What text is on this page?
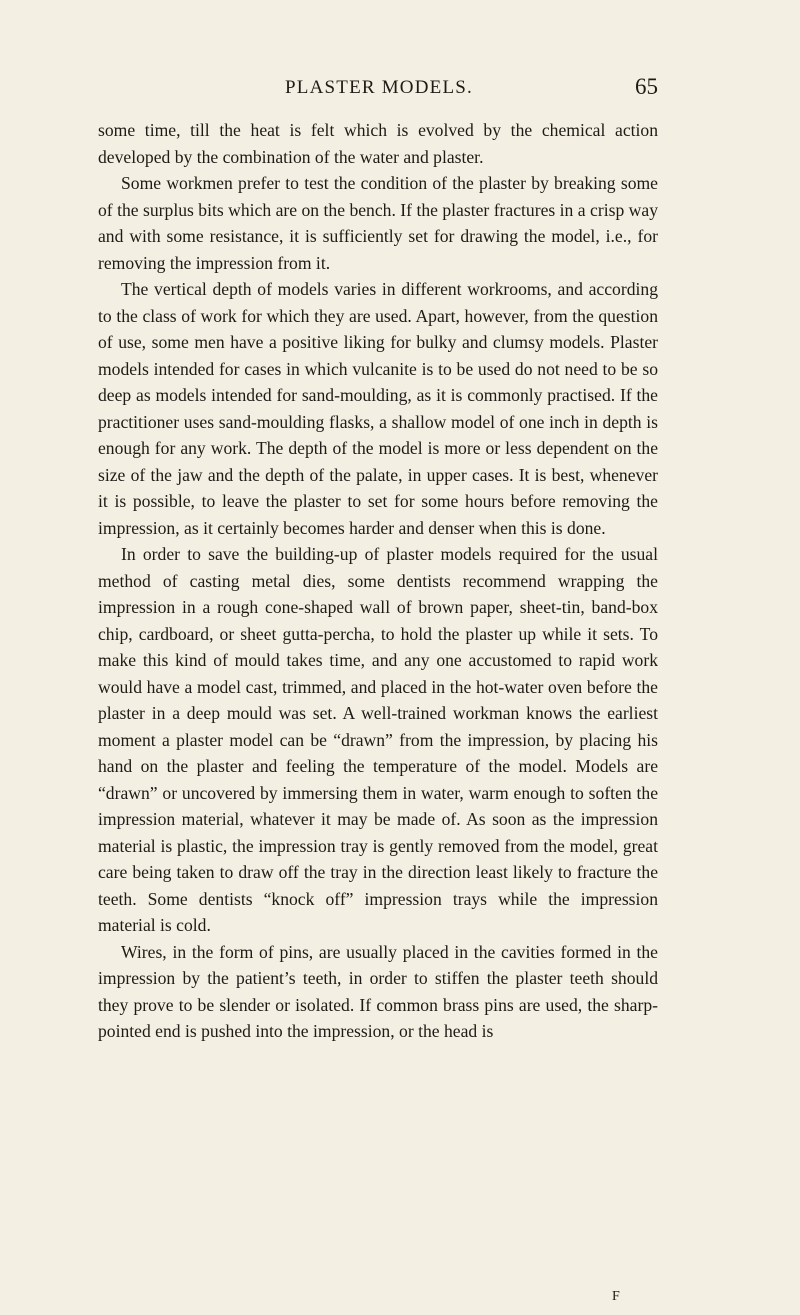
PLASTER MODELS.	65

some time, till the heat is felt which is evolved by the chemical action developed by the combination of the water and plaster.

Some workmen prefer to test the condition of the plaster by breaking some of the surplus bits which are on the bench. If the plaster fractures in a crisp way and with some resistance, it is sufficiently set for drawing the model, i.e., for removing the impression from it.

The vertical depth of models varies in different workrooms, and according to the class of work for which they are used. Apart, however, from the question of use, some men have a positive liking for bulky and clumsy models. Plaster models intended for cases in which vulcanite is to be used do not need to be so deep as models intended for sand-moulding, as it is commonly practised. If the practitioner uses sand-moulding flasks, a shallow model of one inch in depth is enough for any work. The depth of the model is more or less dependent on the size of the jaw and the depth of the palate, in upper cases. It is best, whenever it is possible, to leave the plaster to set for some hours before removing the impression, as it certainly becomes harder and denser when this is done.

In order to save the building-up of plaster models required for the usual method of casting metal dies, some dentists recommend wrapping the impression in a rough cone-shaped wall of brown paper, sheet-tin, band-box chip, cardboard, or sheet gutta-percha, to hold the plaster up while it sets. To make this kind of mould takes time, and any one accustomed to rapid work would have a model cast, trimmed, and placed in the hot-water oven before the plaster in a deep mould was set. A well-trained workman knows the earliest moment a plaster model can be “drawn” from the impression, by placing his hand on the plaster and feeling the temperature of the model. Models are “drawn” or uncovered by immersing them in water, warm enough to soften the impression material, whatever it may be made of. As soon as the impression material is plastic, the impression tray is gently removed from the model, great care being taken to draw off the tray in the direction least likely to fracture the teeth. Some dentists “knock off” impression trays while the impression material is cold.

Wires, in the form of pins, are usually placed in the cavities formed in the impression by the patient’s teeth, in order to stiffen the plaster teeth should they prove to be slender or isolated. If common brass pins are used, the sharp-pointed end is pushed into the impression, or the head is

F
